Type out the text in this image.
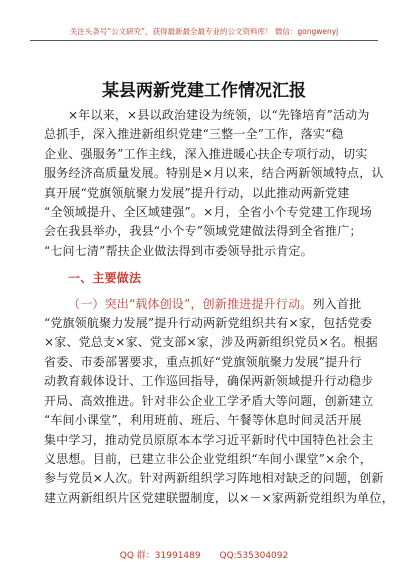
关注头条号“公文研究”，获得最新最全最专业的公文资料库！ 微信：gongwenyj
某县两新党建工作情况汇报
×年以来，×县以政治建设为统领，以“先锋培育”活动为
总抓手，深入推进新组织党建“三整一全”工作，落实“稳
企业、强服务”工作主线，深入推进暖心扶企专项行动，切实
服务经济高质量发展。特别是×月以来，结合两新领域特点，认
真开展“党旗领航聚力发展”提升行动，以此推动两新党建
“全领域提升、全区域建强”。×月，全省小个专党建工作现场
会在我县举办，我县“小个专”领域党建做法得到全省推广；
“七问七清”帮扶企业做法得到市委领导批示肯定。
一、主要做法
（一）突出“载体创设”，创新推进提升行动。列入首批
“党旗领航聚力发展”提升行动两新党组织共有×家，包括党委
×家、党总支×家、党支部×家，涉及两新组织党员×名。根据
省委、市委部署要求，重点抓好“党旗领航聚力发展”提升行
动教育载体设计、工作巡回指导，确保两新领域提升行动稳步
开局、高效推进。针对非公企业工学矛盾大等问题，创新建立
“车间小课堂”，利用班前、班后、午餐等休息时间灵活开展
集中学习，推动党员原原本本学习近平新时代中国特色社会主
义思想。目前，已建立非公企业党组织“车间小课堂”×余个，
参与党员×人次。针对两新组织学习阵地相对缺乏的问题，创新
建立两新组织片区党建联盟制度，以×－×家两新党组织为单位，
QQ 群：31991489 QQ:535304092
